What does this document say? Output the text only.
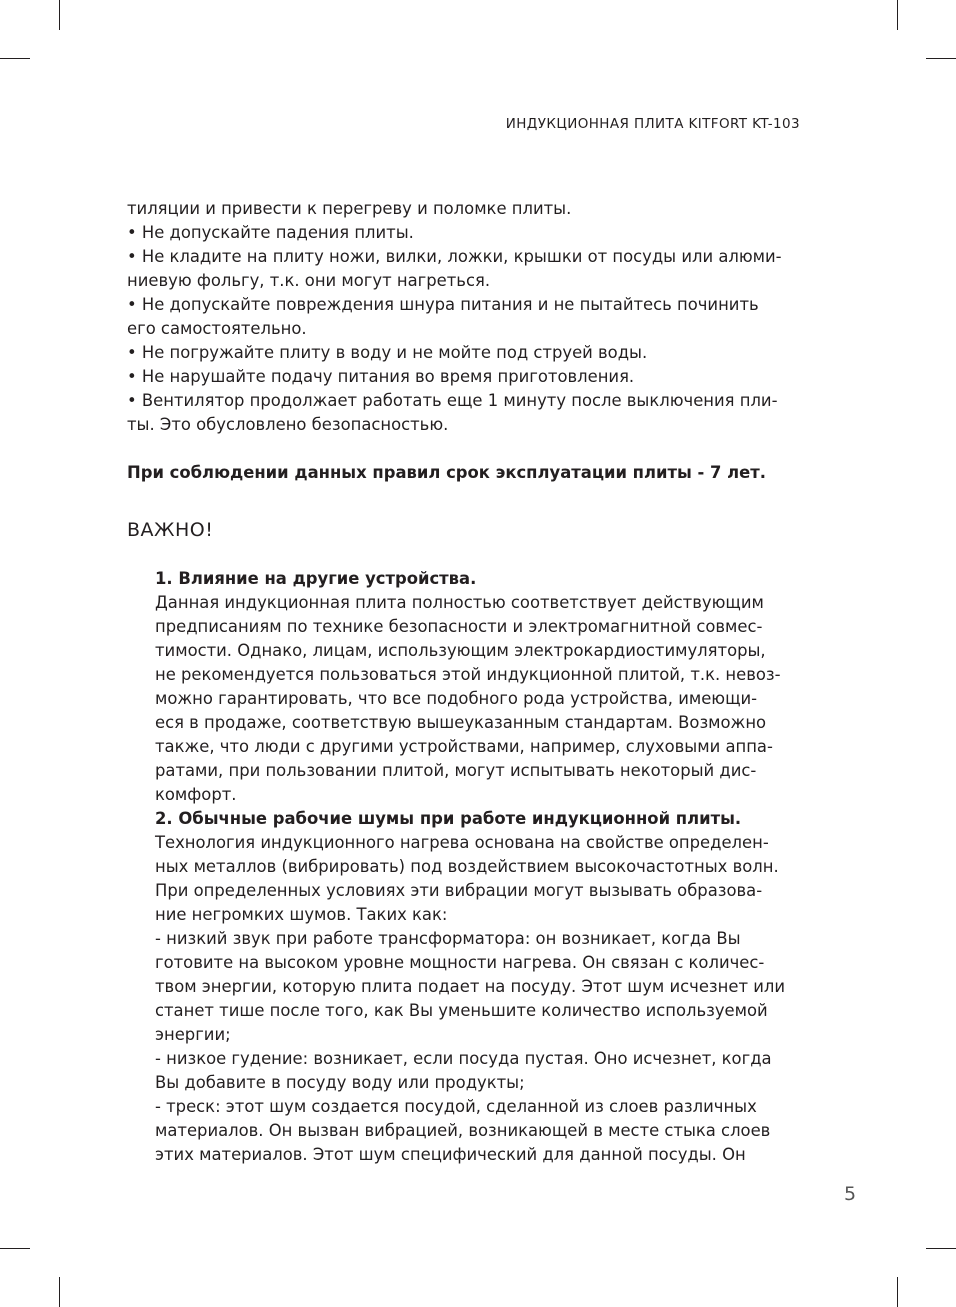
ИНДУКЦИОННАЯ ПЛИТА KITFORT KT-103
тиляции и привести к перегреву и поломке плиты.
• Не допускайте падения плиты.
• Не кладите на плиту ножи, вилки, ложки, крышки от посуды или алюми-
ниевую фольгу, т.к. они могут нагреться.
• Не допускайте повреждения шнура питания и не пытайтесь починить
его самостоятельно.
• Не погружайте плиту в воду и не мойте под струей воды.
• Не нарушайте подачу питания во время приготовления.
• Вентилятор продолжает работать еще 1 минуту после выключения пли-
ты. Это обусловлено безопасностью.
При соблюдении данных правил срок эксплуатации плиты - 7 лет.
ВАЖНО!
1. Влияние на другие устройства.
Данная индукционная плита полностью соответствует действующим
предписаниям по технике безопасности и электромагнитной совмес-
тимости. Однако, лицам, использующим электрокардиостимуляторы,
не рекомендуется пользоваться этой индукционной плитой, т.к. невоз-
можно гарантировать, что все подобного рода устройства, имеющи-
еся в продаже, соответствую вышеуказанным стандартам. Возможно
также, что люди с другими устройствами, например, слуховыми аппа-
ратами, при пользовании плитой, могут испытывать некоторый дис-
комфорт.
2. Обычные рабочие шумы при работе индукционной плиты.
Технология индукционного нагрева основана на свойстве определен-
ных металлов (вибрировать) под воздействием высокочастотных волн.
При определенных условиях эти вибрации могут вызывать образова-
ние негромких шумов. Таких как:
- низкий звук при работе трансформатора: он возникает, когда Вы
готовите на высоком уровне мощности нагрева. Он связан с количес-
твом энергии, которую плита подает на посуду. Этот шум исчезнет или
станет тише после того, как Вы уменьшите количество используемой
энергии;
- низкое гудение: возникает, если посуда пустая. Оно исчезнет, когда
Вы добавите в посуду воду или продукты;
- треск: этот шум создается посудой, сделанной из слоев различных
материалов. Он вызван вибрацией, возникающей в месте стыка слоев
этих материалов. Этот шум специфический для данной посуды. Он
5
